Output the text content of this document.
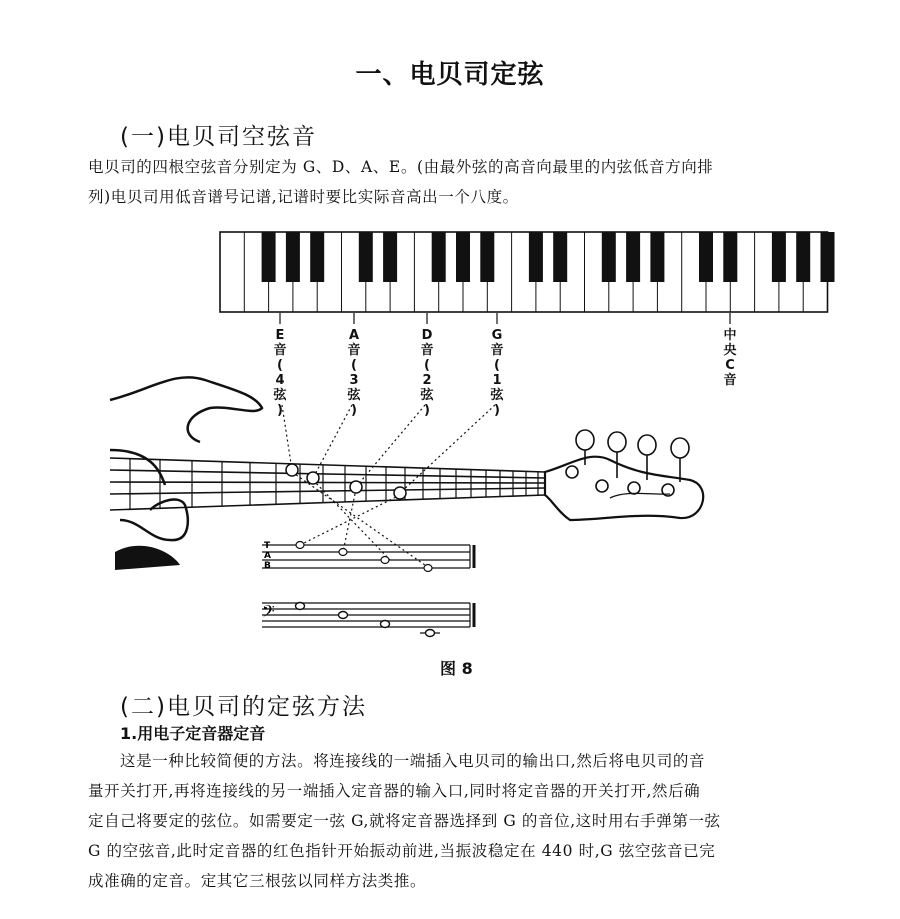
一、电贝司定弦
(一)电贝司空弦音
电贝司的四根空弦音分别定为 G、D、A、E。(由最外弦的高音向最里的内弦低音方向排
列)电贝司用低音谱号记谱,记谱时要比实际音高出一个八度。
T
A
B
𝄢
E
音
(
4
弦
)
A
音
(
3
弦
)
D
音
(
2
弦
)
G
音
(
1
弦
)
中
央
C
音
图 8
(二)电贝司的定弦方法
1.用电子定音器定音
这是一种比较简便的方法。将连接线的一端插入电贝司的输出口,然后将电贝司的音
量开关打开,再将连接线的另一端插入定音器的输入口,同时将定音器的开关打开,然后确
定自己将要定的弦位。如需要定一弦 G,就将定音器选择到 G 的音位,这时用右手弹第一弦
G 的空弦音,此时定音器的红色指针开始振动前进,当振波稳定在 440 时,G 弦空弦音已完
成准确的定音。定其它三根弦以同样方法类推。
